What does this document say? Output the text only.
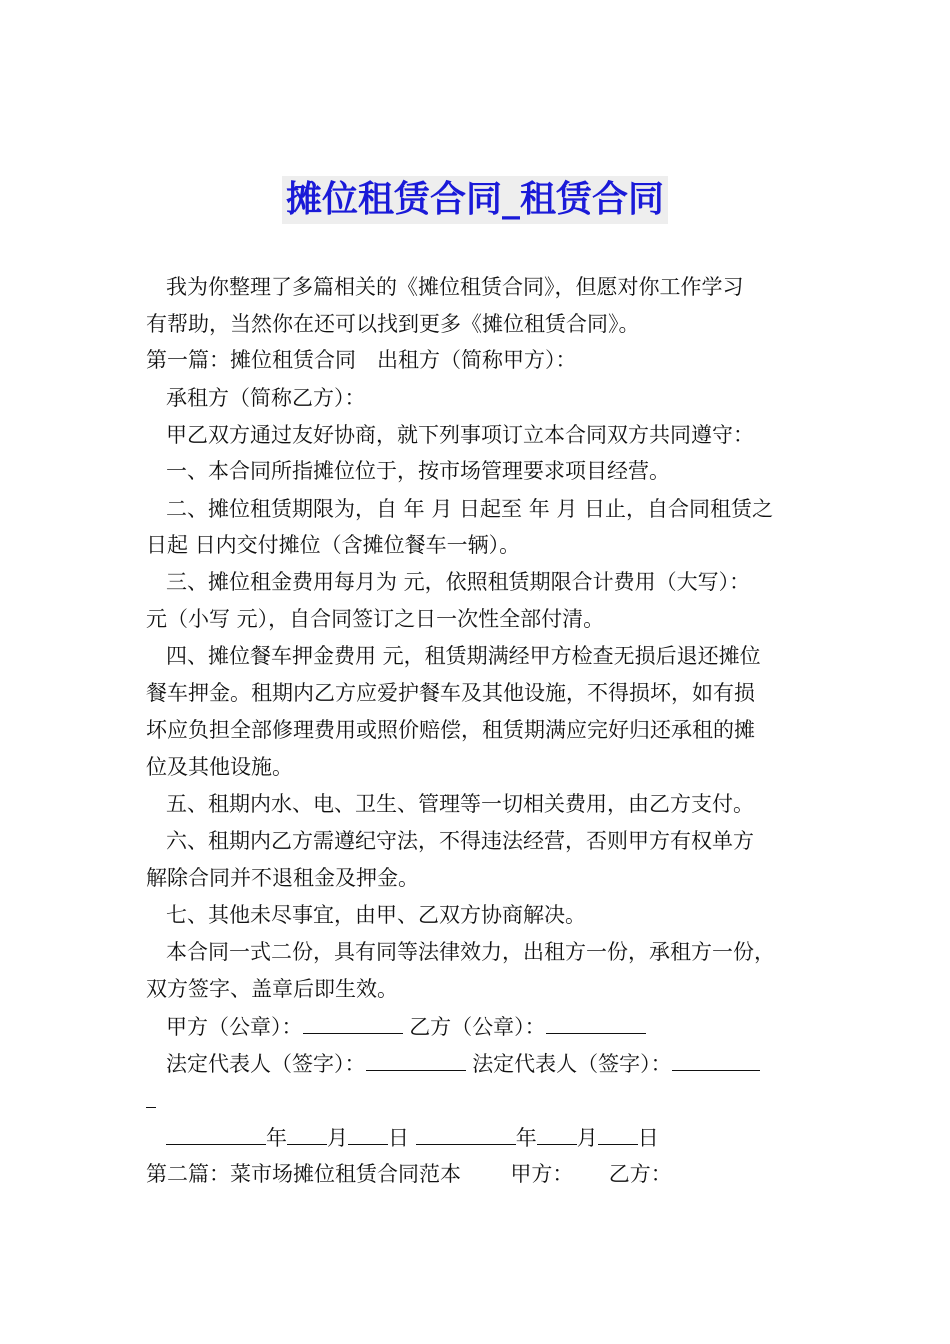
摊位租赁合同_租赁合同
我为你整理了多篇相关的《摊位租赁合同》，但愿对你工作学习
有帮助，当然你在还可以找到更多《摊位租赁合同》。
第一篇：摊位租赁合同　出租方（简称甲方）：
承租方（简称乙方）：
甲乙双方通过友好协商，就下列事项订立本合同双方共同遵守：
一、本合同所指摊位位于，按市场管理要求项目经营。
二、摊位租赁期限为，自 年 月 日起至 年 月 日止，自合同租赁之
日起 日内交付摊位（含摊位餐车一辆）。
三、摊位租金费用每月为 元，依照租赁期限合计费用（大写）：
元（小写 元），自合同签订之日一次性全部付清。
四、摊位餐车押金费用 元，租赁期满经甲方检查无损后退还摊位
餐车押金。租期内乙方应爱护餐车及其他设施，不得损坏，如有损
坏应负担全部修理费用或照价赔偿，租赁期满应完好归还承租的摊
位及其他设施。
五、租期内水、电、卫生、管理等一切相关费用，由乙方支付。
六、租期内乙方需遵纪守法，不得违法经营，否则甲方有权单方
解除合同并不退租金及押金。
七、其他未尽事宜，由甲、乙双方协商解决。
本合同一式二份，具有同等法律效力，出租方一份，承租方一份，
双方签字、盖章后即生效。
甲方（公章）：	乙方（公章）：
法定代表人（签字）：	法定代表人（签字）：
年 月 日	年 月 日
第二篇：菜市场摊位租赁合同范本 甲方： 乙方：
